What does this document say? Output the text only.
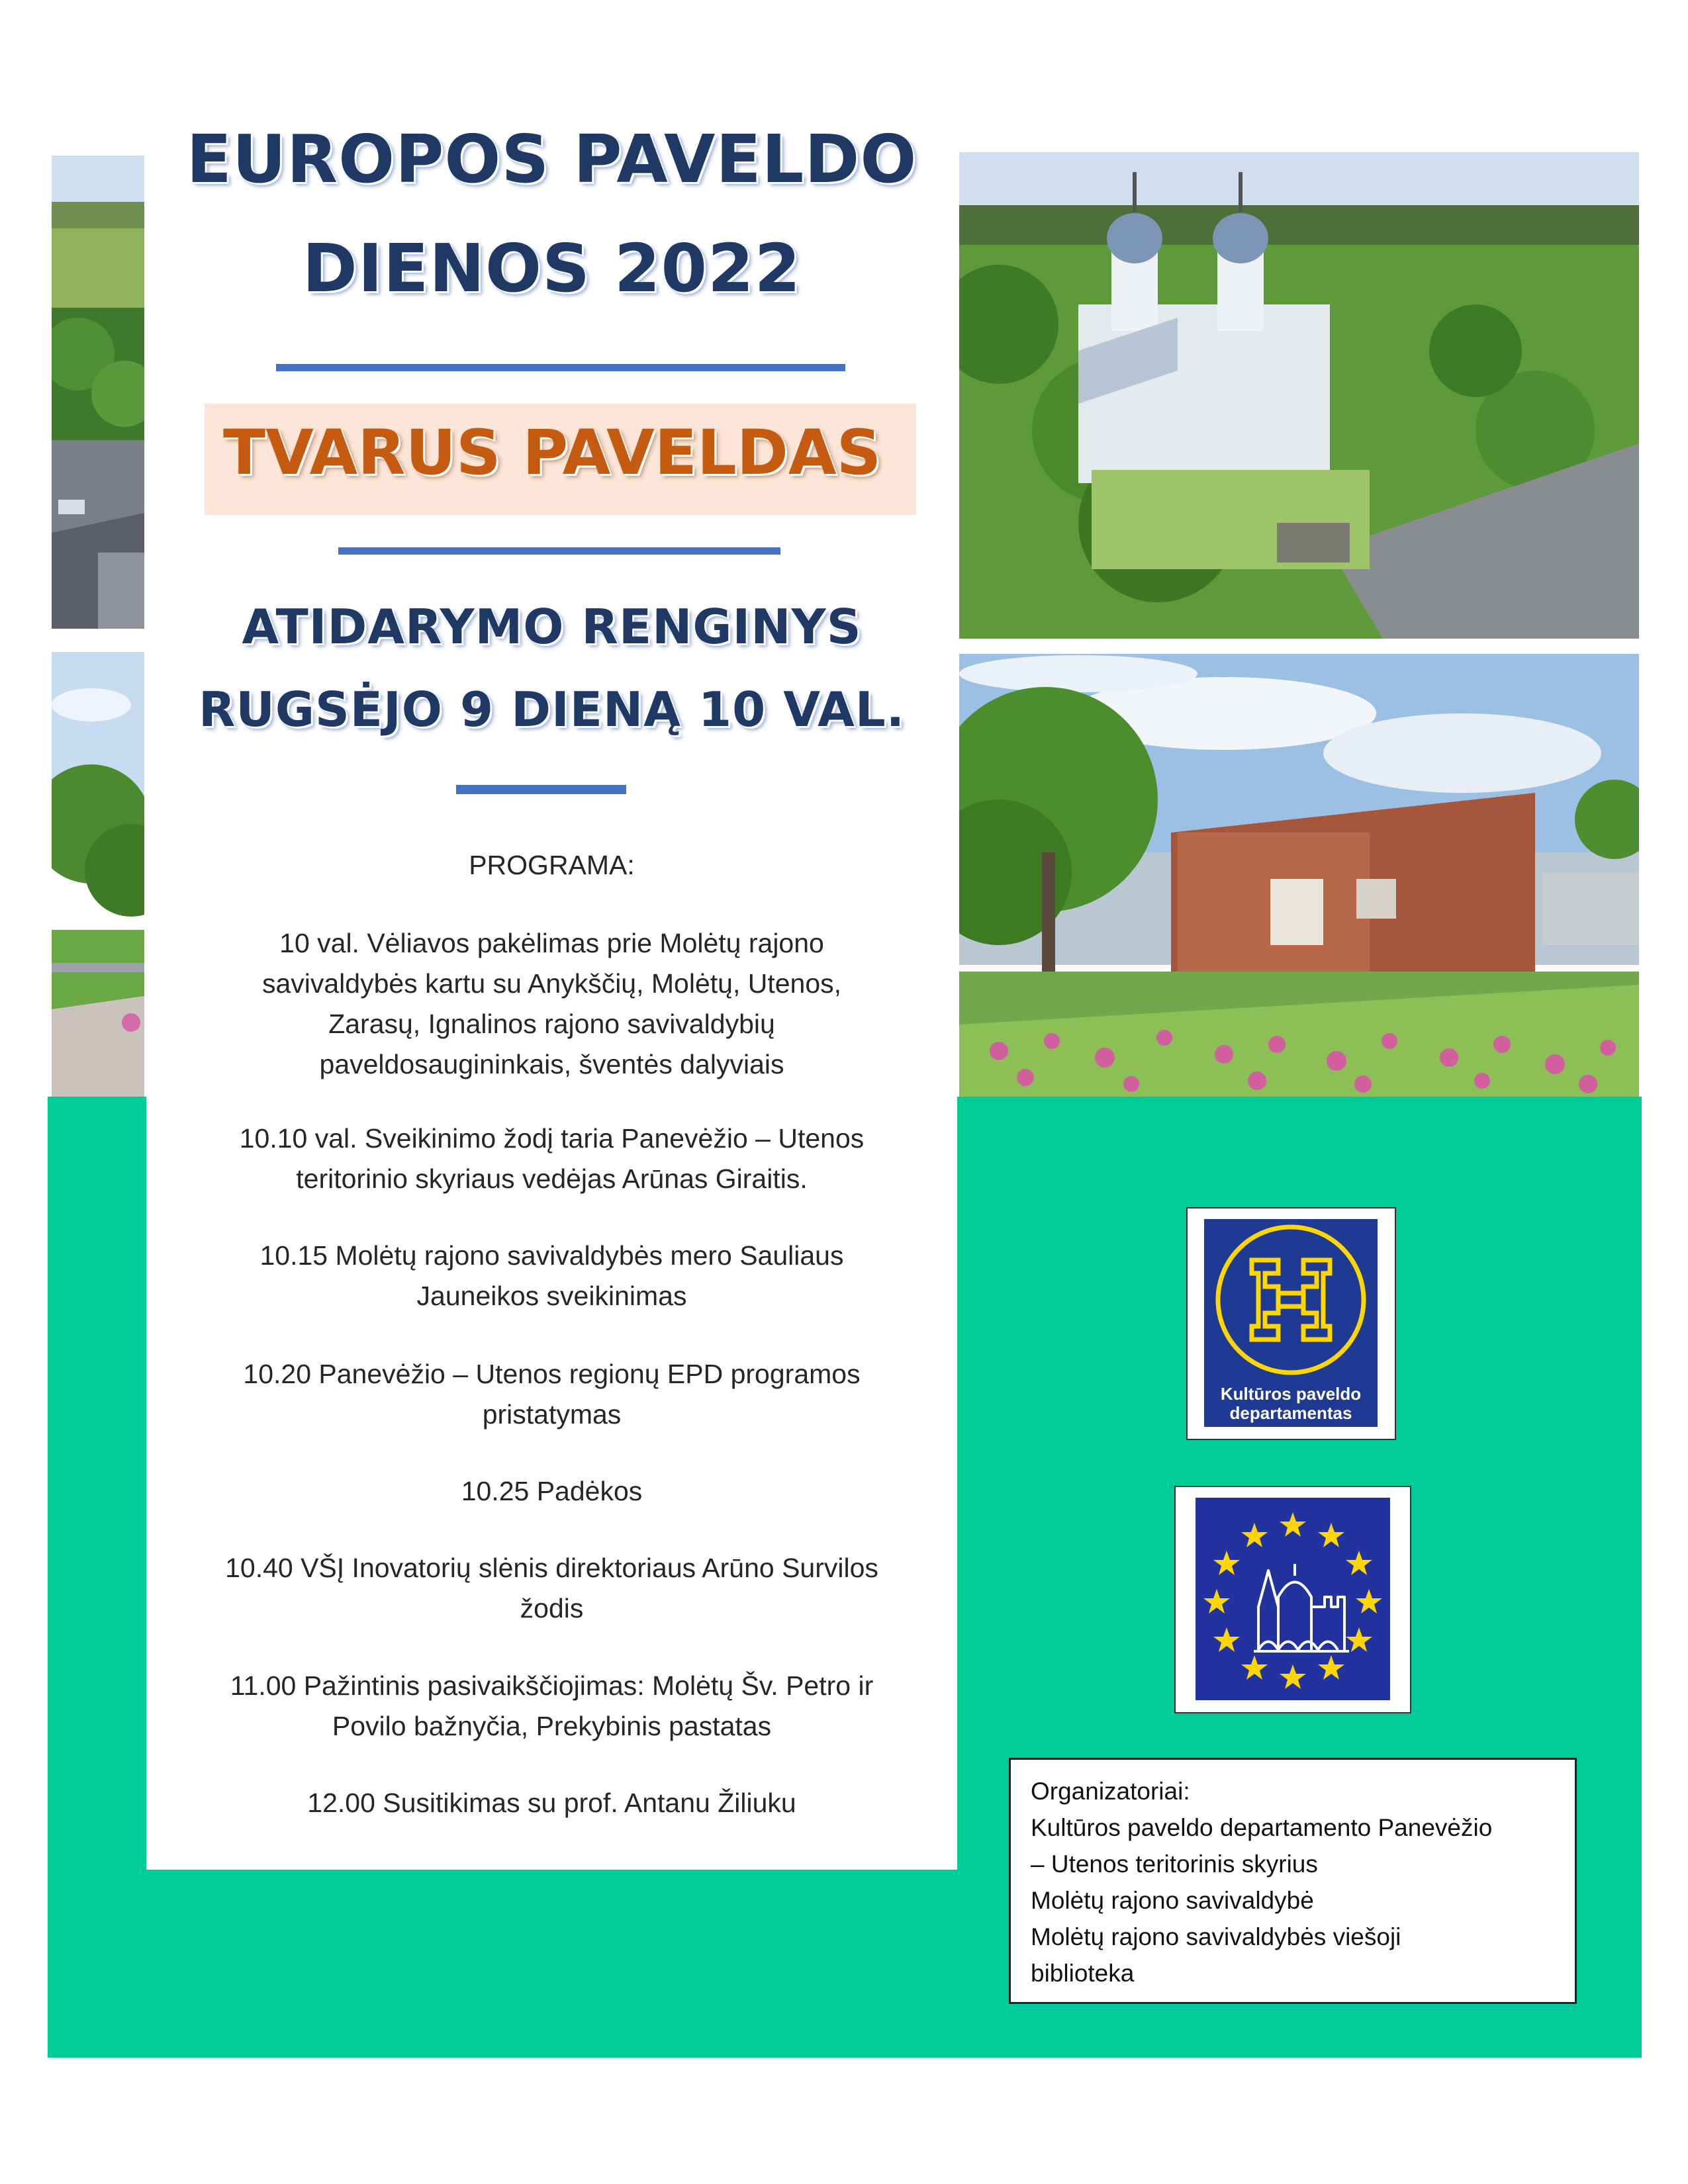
EUROPOS PAVELDO
DIENOS 2022
TVARUS PAVELDAS
ATIDARYMO RENGINYS
RUGSĖJO 9 DIENĄ 10 VAL.
PROGRAMA:
10 val. Vėliavos pakėlimas prie Molėtų rajono
savivaldybės kartu su Anykščių, Molėtų, Utenos,
Zarasų, Ignalinos rajono savivaldybių
paveldosauginink​ais, šventės dalyviais
10.10 val. Sveikinimo žodį taria Panevėžio – Utenos
teritorinio skyriaus vedėjas Arūnas Giraitis.
10.15 Molėtų rajono savivaldybės mero Sauliaus
Jauneikos sveikinimas
10.20 Panevėžio – Utenos regionų EPD programos
pristatymas
10.25 Padėkos
10.40 VŠĮ Inovatorių slėnis direktoriaus Arūno Survilos
žodis
11.00 Pažintinis pasivaikščiojimas: Molėtų Šv. Petro ir
Povilo bažnyčia, Prekybinis pastatas
12.00 Susitikimas su prof. Antanu Žiliuku
Kultūros paveldo
departamentas
Organizatoriai:
Kultūros paveldo departamento Panevėžio
– Utenos teritorinis skyrius
Molėtų rajono savivaldybė
Molėtų rajono savivaldybės viešoji
biblioteka
